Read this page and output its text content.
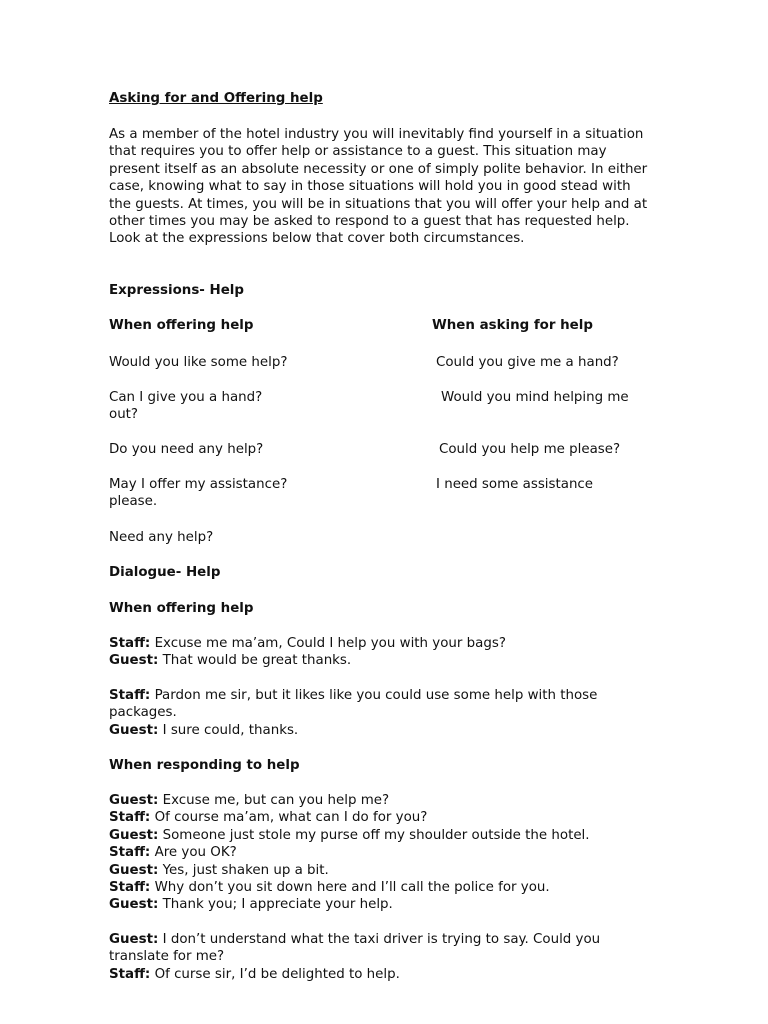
Asking for and Offering help
As a member of the hotel industry you will inevitably find yourself in a situation that requires you to offer help or assistance to a guest. This situation may present itself as an absolute necessity or one of simply polite behavior. In either case, knowing what to say in those situations will hold you in good stead with the guests. At times, you will be in situations that you will offer your help and at other times you may be asked to respond to a guest that has requested help. Look at the expressions below that cover both circumstances.
Expressions- Help
When offering help	When asking for help
Would you like some help?
Can I give you a hand?
out?
Do you need any help?
May I offer my assistance?
please.
Need any help?
Could you give me a hand?
Would you mind helping me
Could you help me please?
I need some assistance
Dialogue- Help
When offering help
Staff: Excuse me ma’am, Could I help you with your bags?
Guest: That would be great thanks.
Staff: Pardon me sir, but it likes like you could use some help with those packages.
Guest: I sure could, thanks.
When responding to help
Guest: Excuse me, but can you help me?
Staff: Of course ma’am, what can I do for you?
Guest: Someone just stole my purse off my shoulder outside the hotel.
Staff: Are you OK?
Guest: Yes, just shaken up a bit.
Staff: Why don’t you sit down here and I’ll call the police for you.
Guest: Thank you; I appreciate your help.
Guest: I don’t understand what the taxi driver is trying to say. Could you translate for me?
Staff: Of curse sir, I’d be delighted to help.
